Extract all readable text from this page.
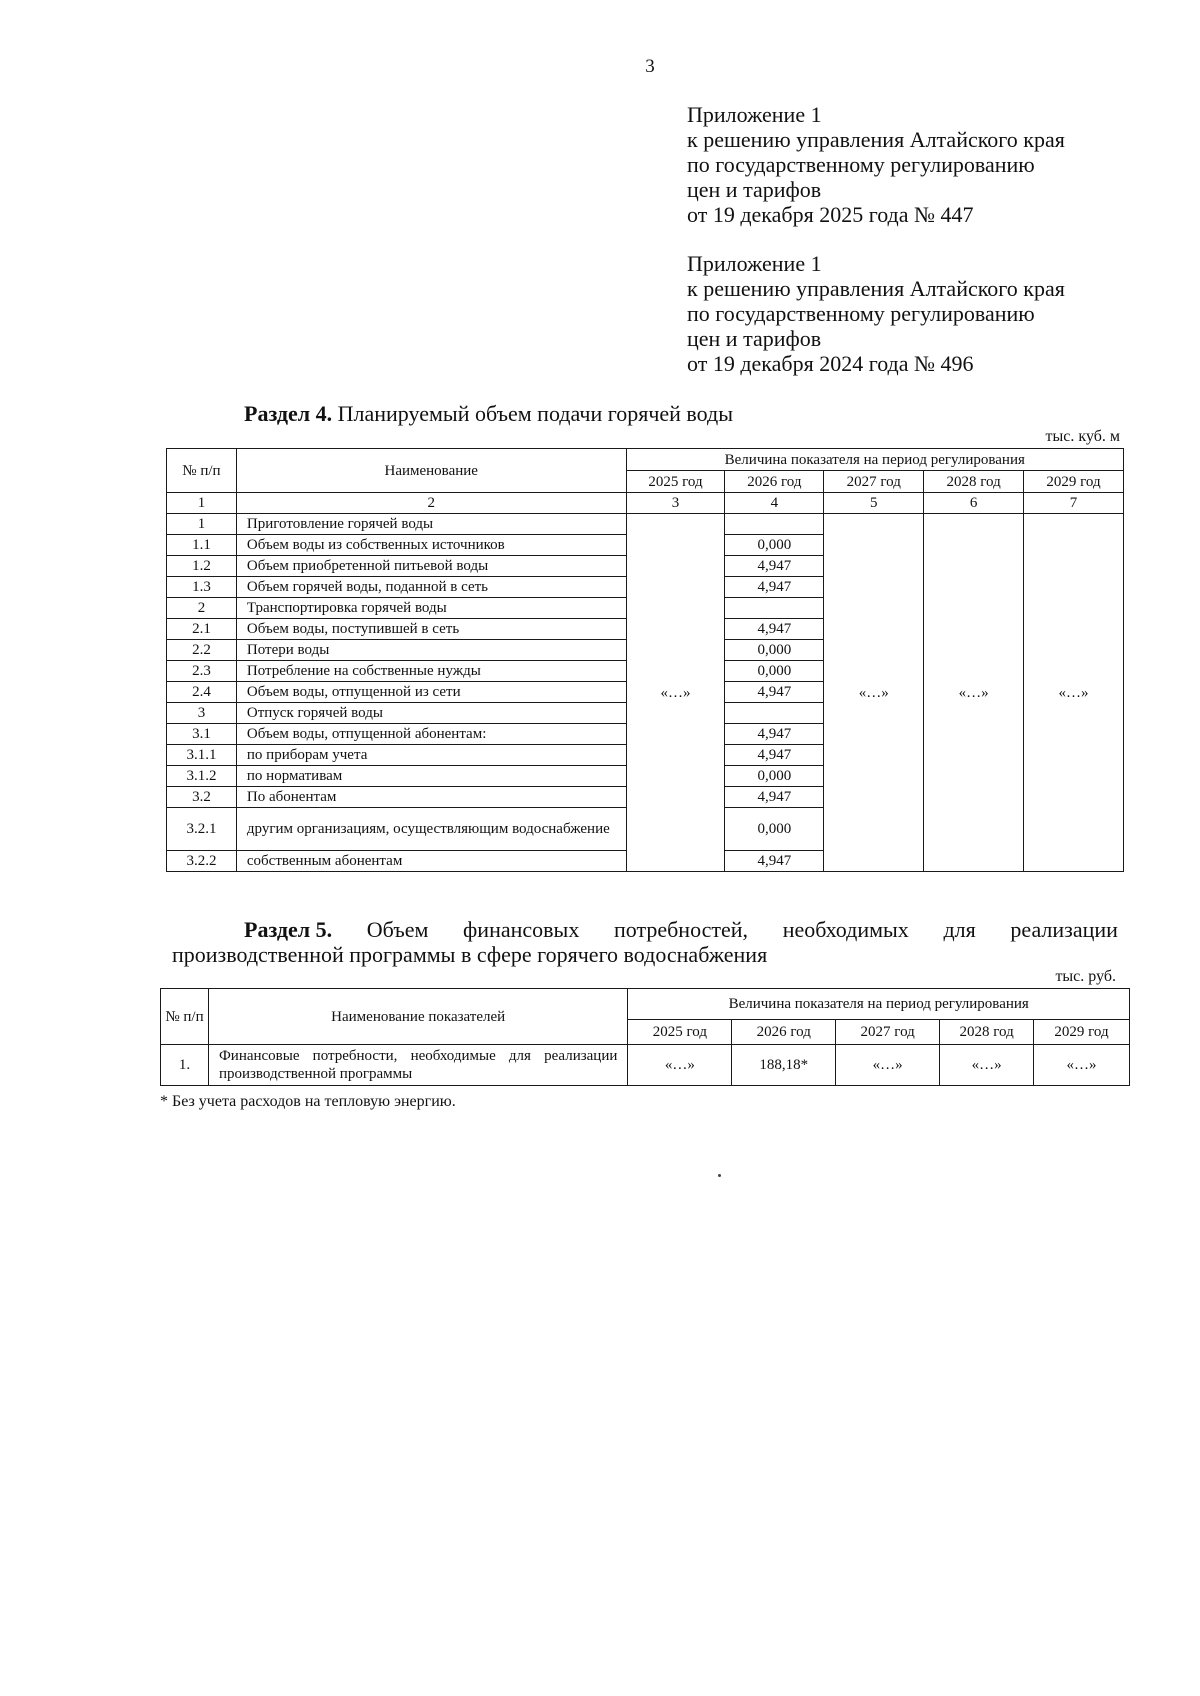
3
Приложение 1
к решению управления Алтайского края
по государственному регулированию
цен и тарифов
от 19 декабря 2025 года № 447
Приложение 1
к решению управления Алтайского края
по государственному регулированию
цен и тарифов
от 19 декабря 2024 года № 496
Раздел 4. Планируемый объем подачи горячей воды
тыс. куб. м
№ п/п	Наименование	Величина показателя на период регулирования				
		2025 год	2026 год	2027 год	2028 год	2029 год
1	2	3	4	5	6	7
1	Приготовление горячей воды	«…»		«…»	«…»	«…»
1.1	Объем воды из собственных источников		0,000			
1.2	Объем приобретенной питьевой воды		4,947			
1.3	Объем горячей воды, поданной в сеть		4,947			
2	Транспортировка горячей воды					
2.1	Объем воды, поступившей в сеть		4,947			
2.2	Потери воды		0,000			
2.3	Потребление на собственные нужды		0,000			
2.4	Объем воды, отпущенной из сети		4,947			
3	Отпуск горячей воды					
3.1	Объем воды, отпущенной абонентам:		4,947			
3.1.1	по приборам учета		4,947			
3.1.2	по нормативам		0,000			
3.2	По абонентам		4,947			
3.2.1	другим организациям, осуществляющим водоснабжение		0,000			
3.2.2	собственным абонентам		4,947			
Раздел 5. Объем финансовых потребностей, необходимых для реализации
производственной программы в сфере горячего водоснабжения
тыс. руб.
№ п/п	Наименование показателей	Величина показателя на период регулирования				
		2025 год	2026 год	2027 год	2028 год	2029 год
1.	Финансовые потребности, необходимые для реализации производственной программы	«…»	188,18*	«…»	«…»	«…»
* Без учета расходов на тепловую энергию.
